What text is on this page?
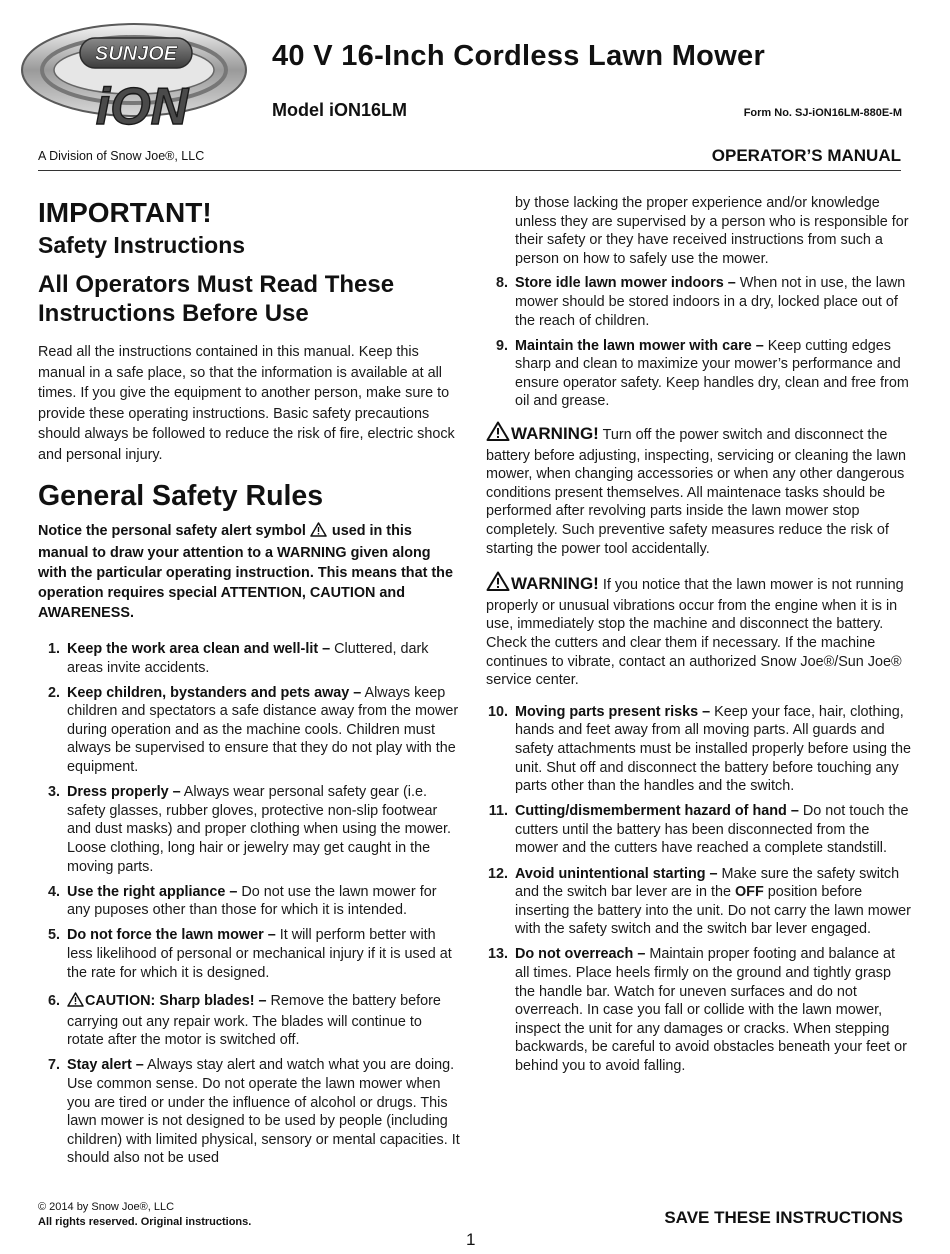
SUNJOE
iON
40 V 16-Inch Cordless Lawn Mower
Model iON16LM	Form No. SJ-iON16LM-880E-M
A Division of Snow Joe®, LLC	OPERATOR’S MANUAL
IMPORTANT!
Safety Instructions
All Operators Must Read These Instructions Before Use

Read all the instructions contained in this manual. Keep this manual in a safe place, so that the information is available at all times. If you give the equipment to another person, make sure to provide these operating instructions. Basic safety precautions should always be followed to reduce the risk of fire, electric shock and personal injury.

General Safety Rules

Notice the personal safety alert symbol used in this manual to draw your attention to a WARNING given along with the particular operating instruction. This means that the operation requires special ATTENTION, CAUTION and AWARENESS.

1. Keep the work area clean and well-lit – Cluttered, dark areas invite accidents.
2. Keep children, bystanders and pets away – Always keep children and spectators a safe distance away from the mower during operation and as the machine cools. Children must always be supervised to ensure that they do not play with the equipment.
3. Dress properly – Always wear personal safety gear (i.e. safety glasses, rubber gloves, protective non-slip footwear and dust masks) and proper clothing when using the mower. Loose clothing, long hair or jewelry may get caught in the moving parts.
4. Use the right appliance – Do not use the lawn mower for any puposes other than those for which it is intended.
5. Do not force the lawn mower – It will perform better with less likelihood of personal or mechanical injury if it is used at the rate for which it is designed.
6. CAUTION: Sharp blades! – Remove the battery before carrying out any repair work. The blades will continue to rotate after the motor is switched off.
7. Stay alert – Always stay alert and watch what you are doing. Use common sense. Do not operate the lawn mower when you are tired or under the influence of alcohol or drugs. This lawn mower is not designed to be used by people (including children) with limited physical, sensory or mental capacities. It should also not be used
by those lacking the proper experience and/or knowledge unless they are supervised by a person who is responsible for their safety or they have received instructions from such a person on how to safely use the mower.
8. Store idle lawn mower indoors – When not in use, the lawn mower should be stored indoors in a dry, locked place out of the reach of children.
9. Maintain the lawn mower with care – Keep cutting edges sharp and clean to maximize your mower’s performance and ensure operator safety. Keep handles dry, clean and free from oil and grease.
WARNING! Turn off the power switch and disconnect the battery before adjusting, inspecting, servicing or cleaning the lawn mower, when changing accessories or when any other dangerous conditions present themselves. All maintenace tasks should be performed after revolving parts inside the lawn mower stop completely. Such preventive safety measures reduce the risk of starting the power tool accidentally.
WARNING! If you notice that the lawn mower is not running properly or unusual vibrations occur from the engine when it is in use, immediately stop the machine and disconnect the battery. Check the cutters and clear them if necessary. If the machine continues to vibrate, contact an authorized Snow Joe®/Sun Joe® service center.
10. Moving parts present risks – Keep your face, hair, clothing, hands and feet away from all moving parts. All guards and safety attachments must be installed properly before using the unit. Shut off and disconnect the battery before touching any parts other than the handles and the switch.
11. Cutting/dismemberment hazard of hand – Do not touch the cutters until the battery has been disconnected from the mower and the cutters have reached a complete standstill.
12. Avoid unintentional starting – Make sure the safety switch and the switch bar lever are in the OFF position before inserting the battery into the unit. Do not carry the lawn mower with the safety switch and the switch bar lever engaged.
13. Do not overreach – Maintain proper footing and balance at all times. Place heels firmly on the ground and tightly grasp the handle bar. Watch for uneven surfaces and do not overreach. In case you fall or collide with the lawn mower, inspect the unit for any damages or cracks. When stepping backwards, be careful to avoid obstacles beneath your feet or behind you to avoid falling.
© 2014 by Snow Joe®, LLC
All rights reserved. Original instructions.	SAVE THESE INSTRUCTIONS
1
